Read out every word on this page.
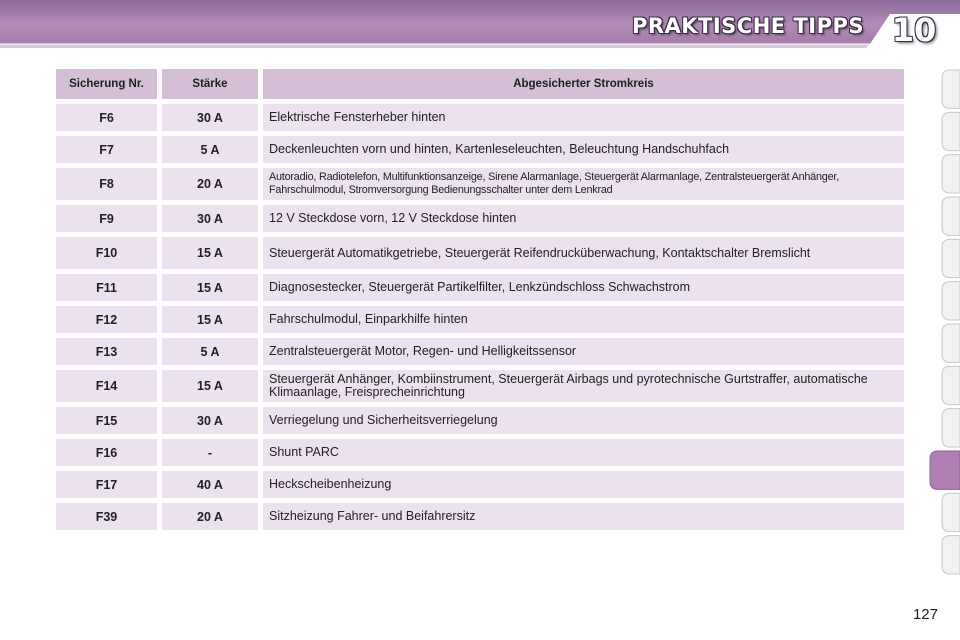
PRAKTISCHE TIPPS 10
Sicherung Nr.	Stärke	Abgesicherter Stromkreis
F6	30 A	Elektrische Fensterheber hinten
F7	5 A	Deckenleuchten vorn und hinten, Kartenleseleuchten, Beleuchtung Handschuhfach
F8	20 A	Autoradio, Radiotelefon, Multifunktionsanzeige, Sirene Alarmanlage, Steuergerät Alarmanlage, Zentralsteuergerät Anhänger, Fahrschulmodul, Stromversorgung Bedienungsschalter unter dem Lenkrad
F9	30 A	12 V Steckdose vorn, 12 V Steckdose hinten
F10	15 A	Steuergerät Automatikgetriebe, Steuergerät Reifendrucküberwachung, Kontaktschalter Bremslicht
F11	15 A	Diagnosestecker, Steuergerät Partikelfilter, Lenkzündschloss Schwachstrom
F12	15 A	Fahrschulmodul, Einparkhilfe hinten
F13	5 A	Zentralsteuergerät Motor, Regen- und Helligkeitssensor
F14	15 A	Steuergerät Anhänger, Kombiinstrument, Steuergerät Airbags und pyrotechnische Gurtstraffer, automatische Klimaanlage, Freisprecheinrichtung
F15	30 A	Verriegelung und Sicherheitsverriegelung
F16	-	Shunt PARC
F17	40 A	Heckscheibenheizung
F39	20 A	Sitzheizung Fahrer- und Beifahrersitz
127
